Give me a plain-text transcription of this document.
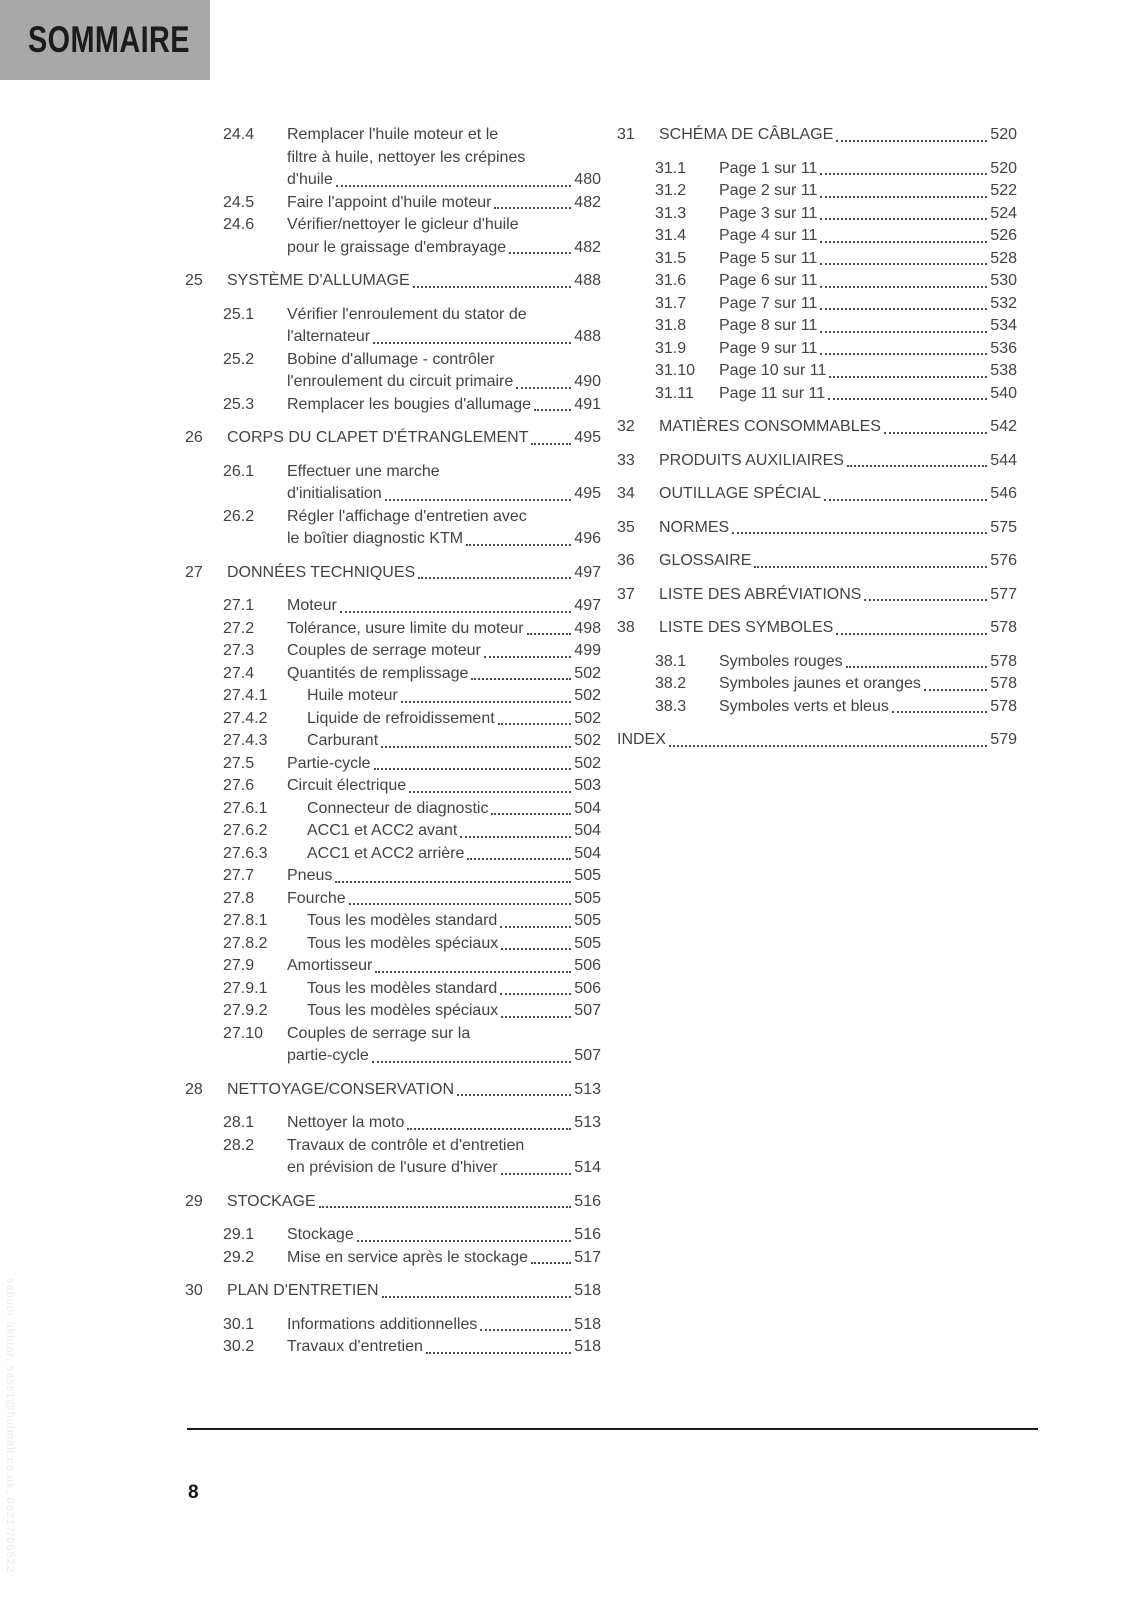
SOMMAIRE
24.4	Remplacer l'huile moteur et le
filtre à huile, nettoyer les crépines
d'huile	480
24.5	Faire l'appoint d'huile moteur	482
24.6	Vérifier/nettoyer le gicleur d'huile
pour le graissage d'embrayage	482
25	SYSTÈME D'ALLUMAGE	488
25.1	Vérifier l'enroulement du stator de
l'alternateur	488
25.2	Bobine d'allumage - contrôler
l'enroulement du circuit primaire	490
25.3	Remplacer les bougies d'allumage	491
26	CORPS DU CLAPET D'ÉTRANGLEMENT	495
26.1	Effectuer une marche
d'initialisation	495
26.2	Régler l'affichage d'entretien avec
le boîtier diagnostic KTM	496
27	DONNÉES TECHNIQUES	497
27.1	Moteur	497
27.2	Tolérance, usure limite du moteur	498
27.3	Couples de serrage moteur	499
27.4	Quantités de remplissage	502
27.4.1	Huile moteur	502
27.4.2	Liquide de refroidissement	502
27.4.3	Carburant	502
27.5	Partie-cycle	502
27.6	Circuit électrique	503
27.6.1	Connecteur de diagnostic	504
27.6.2	ACC1 et ACC2 avant	504
27.6.3	ACC1 et ACC2 arrière	504
27.7	Pneus	505
27.8	Fourche	505
27.8.1	Tous les modèles standard	505
27.8.2	Tous les modèles spéciaux	505
27.9	Amortisseur	506
27.9.1	Tous les modèles standard	506
27.9.2	Tous les modèles spéciaux	507
27.10	Couples de serrage sur la
partie-cycle	507
28	NETTOYAGE/CONSERVATION	513
28.1	Nettoyer la moto	513
28.2	Travaux de contrôle et d'entretien
en prévision de l'usure d'hiver	514
29	STOCKAGE	516
29.1	Stockage	516
29.2	Mise en service après le stockage	517
30	PLAN D'ENTRETIEN	518
30.1	Informations additionnelles	518
30.2	Travaux d'entretien	518
31	SCHÉMA DE CÂBLAGE	520
31.1	Page 1 sur 11	520
31.2	Page 2 sur 11	522
31.3	Page 3 sur 11	524
31.4	Page 4 sur 11	526
31.5	Page 5 sur 11	528
31.6	Page 6 sur 11	530
31.7	Page 7 sur 11	532
31.8	Page 8 sur 11	534
31.9	Page 9 sur 11	536
31.10	Page 10 sur 11	538
31.11	Page 11 sur 11	540
32	MATIÈRES CONSOMMABLES	542
33	PRODUITS AUXILIAIRES	544
34	OUTILLAGE SPÉCIAL	546
35	NORMES	575
36	GLOSSAIRE	576
37	LISTE DES ABRÉVIATIONS	577
38	LISTE DES SYMBOLES	578
38.1	Symboles rouges	578
38.2	Symboles jaunes et oranges	578
38.3	Symboles verts et bleus	578
INDEX	579
8
saboor akhtar, sass1@hotmail.co.uk, 08217/06522
